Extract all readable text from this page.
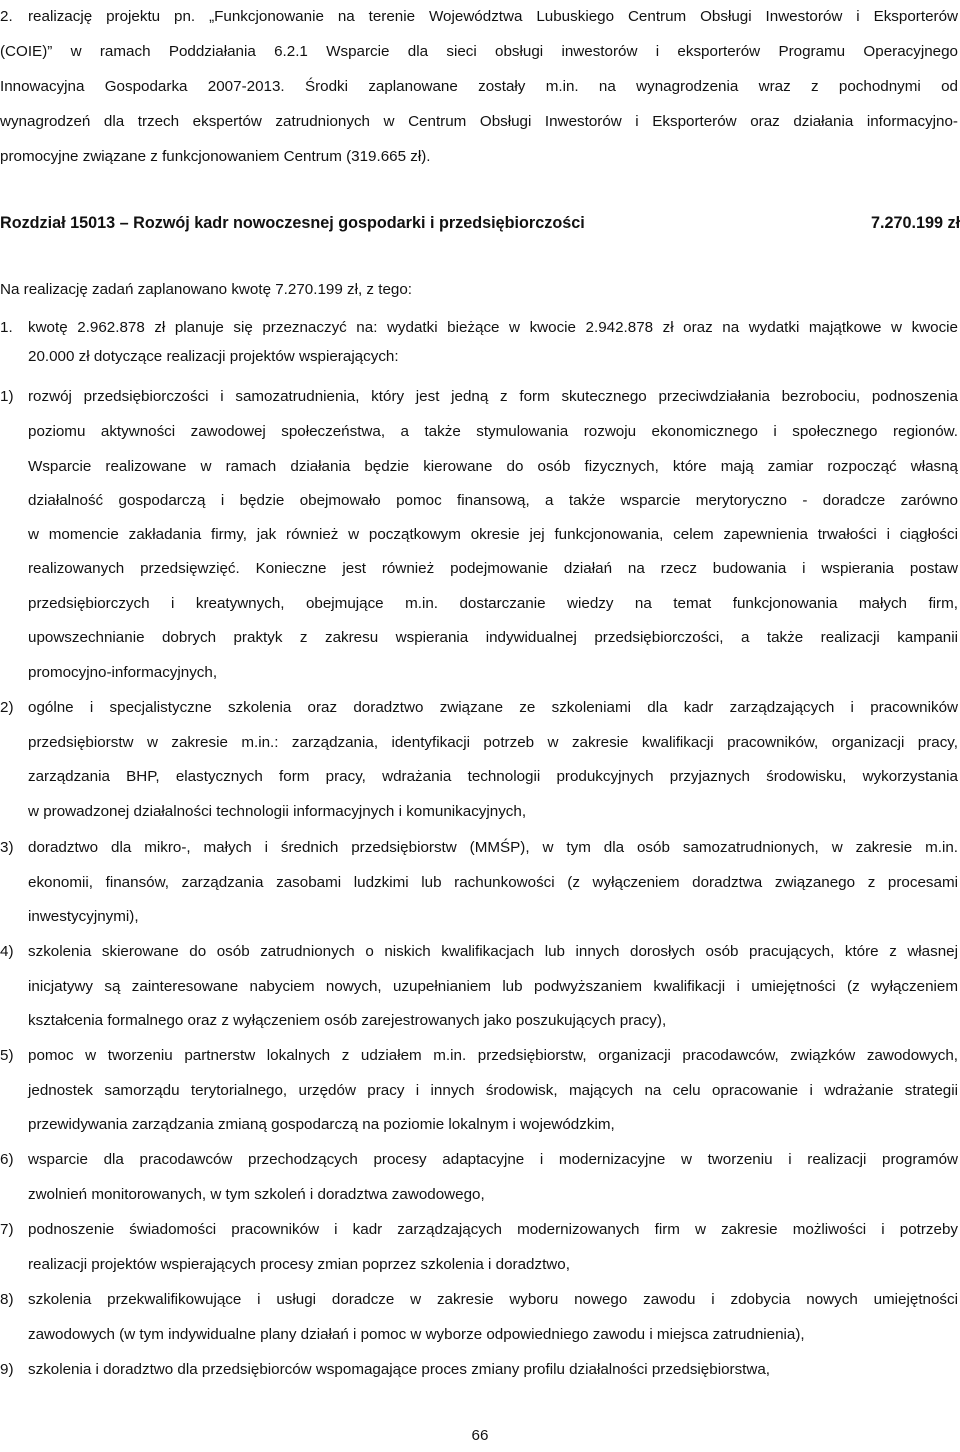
2. realizację projektu pn. „Funkcjonowanie na terenie Województwa Lubuskiego Centrum Obsługi Inwestorów i Eksporterów
(COIE)” w ramach Poddziałania 6.2.1 Wsparcie dla sieci obsługi inwestorów i eksporterów Programu Operacyjnego
Innowacyjna Gospodarka 2007-2013. Środki zaplanowane zostały m.in. na wynagrodzenia wraz z pochodnymi od
wynagrodzeń dla trzech ekspertów zatrudnionych w Centrum Obsługi Inwestorów i Eksporterów oraz działania informacyjno-
promocyjne związane z funkcjonowaniem Centrum (319.665 zł).
Rozdział 15013 – Rozwój kadr nowoczesnej gospodarki i przedsiębiorczości	7.270.199 zł
Na realizację zadań zaplanowano kwotę 7.270.199 zł, z tego:
1. kwotę 2.962.878 zł planuje się przeznaczyć na: wydatki bieżące w kwocie 2.942.878 zł oraz na wydatki majątkowe w kwocie
20.000 zł dotyczące realizacji projektów wspierających:
1) rozwój przedsiębiorczości i samozatrudnienia, który jest jedną z form skutecznego przeciwdziałania bezrobociu, podnoszenia
poziomu aktywności zawodowej społeczeństwa, a także stymulowania rozwoju ekonomicznego i społecznego regionów.
Wsparcie realizowane w ramach działania będzie kierowane do osób fizycznych, które mają zamiar rozpocząć własną
działalność gospodarczą i będzie obejmowało pomoc finansową, a także wsparcie merytoryczno - doradcze zarówno
w momencie zakładania firmy, jak również w początkowym okresie jej funkcjonowania, celem zapewnienia trwałości i ciągłości
realizowanych przedsięwzięć. Konieczne jest również podejmowanie działań na rzecz budowania i wspierania postaw
przedsiębiorczych i kreatywnych, obejmujące m.in. dostarczanie wiedzy na temat funkcjonowania małych firm,
upowszechnianie dobrych praktyk z zakresu wspierania indywidualnej przedsiębiorczości, a także realizacji kampanii
promocyjno-informacyjnych,
2) ogólne i specjalistyczne szkolenia oraz doradztwo związane ze szkoleniami dla kadr zarządzających i pracowników
przedsiębiorstw w zakresie m.in.: zarządzania, identyfikacji potrzeb w zakresie kwalifikacji pracowników, organizacji pracy,
zarządzania BHP, elastycznych form pracy, wdrażania technologii produkcyjnych przyjaznych środowisku, wykorzystania
w prowadzonej działalności technologii informacyjnych i komunikacyjnych,
3) doradztwo dla mikro-, małych i średnich przedsiębiorstw (MMŚP), w tym dla osób samozatrudnionych, w zakresie m.in.
ekonomii, finansów, zarządzania zasobami ludzkimi lub rachunkowości (z wyłączeniem doradztwa związanego z procesami
inwestycyjnymi),
4) szkolenia skierowane do osób zatrudnionych o niskich kwalifikacjach lub innych dorosłych osób pracujących, które z własnej
inicjatywy są zainteresowane nabyciem nowych, uzupełnianiem lub podwyższaniem kwalifikacji i umiejętności (z wyłączeniem
kształcenia formalnego oraz z wyłączeniem osób zarejestrowanych jako poszukujących pracy),
5) pomoc w tworzeniu partnerstw lokalnych z udziałem m.in. przedsiębiorstw, organizacji pracodawców, związków zawodowych,
jednostek samorządu terytorialnego, urzędów pracy i innych środowisk, mających na celu opracowanie i wdrażanie strategii
przewidywania zarządzania zmianą gospodarczą na poziomie lokalnym i wojewódzkim,
6) wsparcie dla pracodawców przechodzących procesy adaptacyjne i modernizacyjne w tworzeniu i realizacji programów
zwolnień monitorowanych, w tym szkoleń i doradztwa zawodowego,
7) podnoszenie świadomości pracowników i kadr zarządzających modernizowanych firm w zakresie możliwości i potrzeby
realizacji projektów wspierających procesy zmian poprzez szkolenia i doradztwo,
8) szkolenia przekwalifikowujące i usługi doradcze w zakresie wyboru nowego zawodu i zdobycia nowych umiejętności
zawodowych (w tym indywidualne plany działań i pomoc w wyborze odpowiedniego zawodu i miejsca zatrudnienia),
9) szkolenia i doradztwo dla przedsiębiorców wspomagające proces zmiany profilu działalności przedsiębiorstwa,
66
